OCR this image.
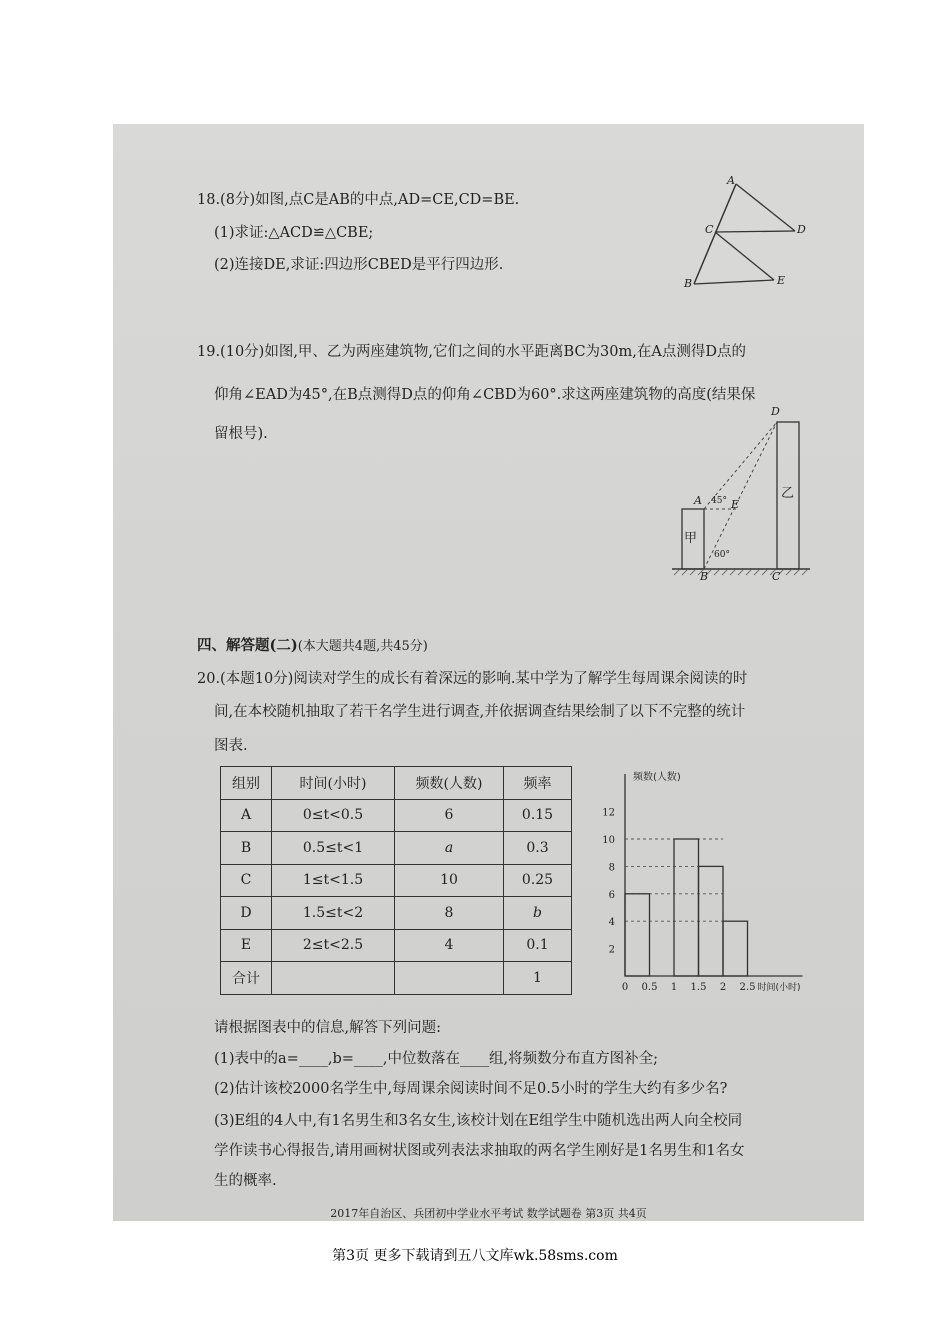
18.(8分)如图,点C是AB的中点,AD=CE,CD=BE.
(1)求证:△ACD≌△CBE;
(2)连接DE,求证:四边形CBED是平行四边形.
A
C	D
B	E
19.(10分)如图,甲、乙为两座建筑物,它们之间的水平距离BC为30m,在A点测得D点的
仰角∠EAD为45°,在B点测得D点的仰角∠CBD为60°.求这两座建筑物的高度(结果保
留根号).
D
A 45° E
60°
B	C
甲
乙
四、解答题(二)(本大题共4题,共45分)
20.(本题10分)阅读对学生的成长有着深远的影响.某中学为了解学生每周课余阅读的时
间,在本校随机抽取了若干名学生进行调查,并依据调查结果绘制了以下不完整的统计
图表.
组别	时间(小时)	频数(人数)	频率
A	0≤t<0.5	6	0.15
B	0.5≤t<1	a	0.3
C	1≤t<1.5	10	0.25
D	1.5≤t<2	8	b
E	2≤t<2.5	4	0.1
合计			1
2
4
6
8
10
12
0 0.5 1 1.5 2 2.5
频数(人数)
时间(小时)
请根据图表中的信息,解答下列问题:
(1)表中的a=____,b=____,中位数落在____组,将频数分布直方图补全;
(2)估计该校2000名学生中,每周课余阅读时间不足0.5小时的学生大约有多少名?
(3)E组的4人中,有1名男生和3名女生,该校计划在E组学生中随机选出两人向全校同
学作读书心得报告,请用画树状图或列表法求抽取的两名学生刚好是1名男生和1名女
生的概率.
2017年自治区、兵团初中学业水平考试 数学试题卷 第3页 共4页
第3页 更多下载请到五八文库wk.58sms.com
